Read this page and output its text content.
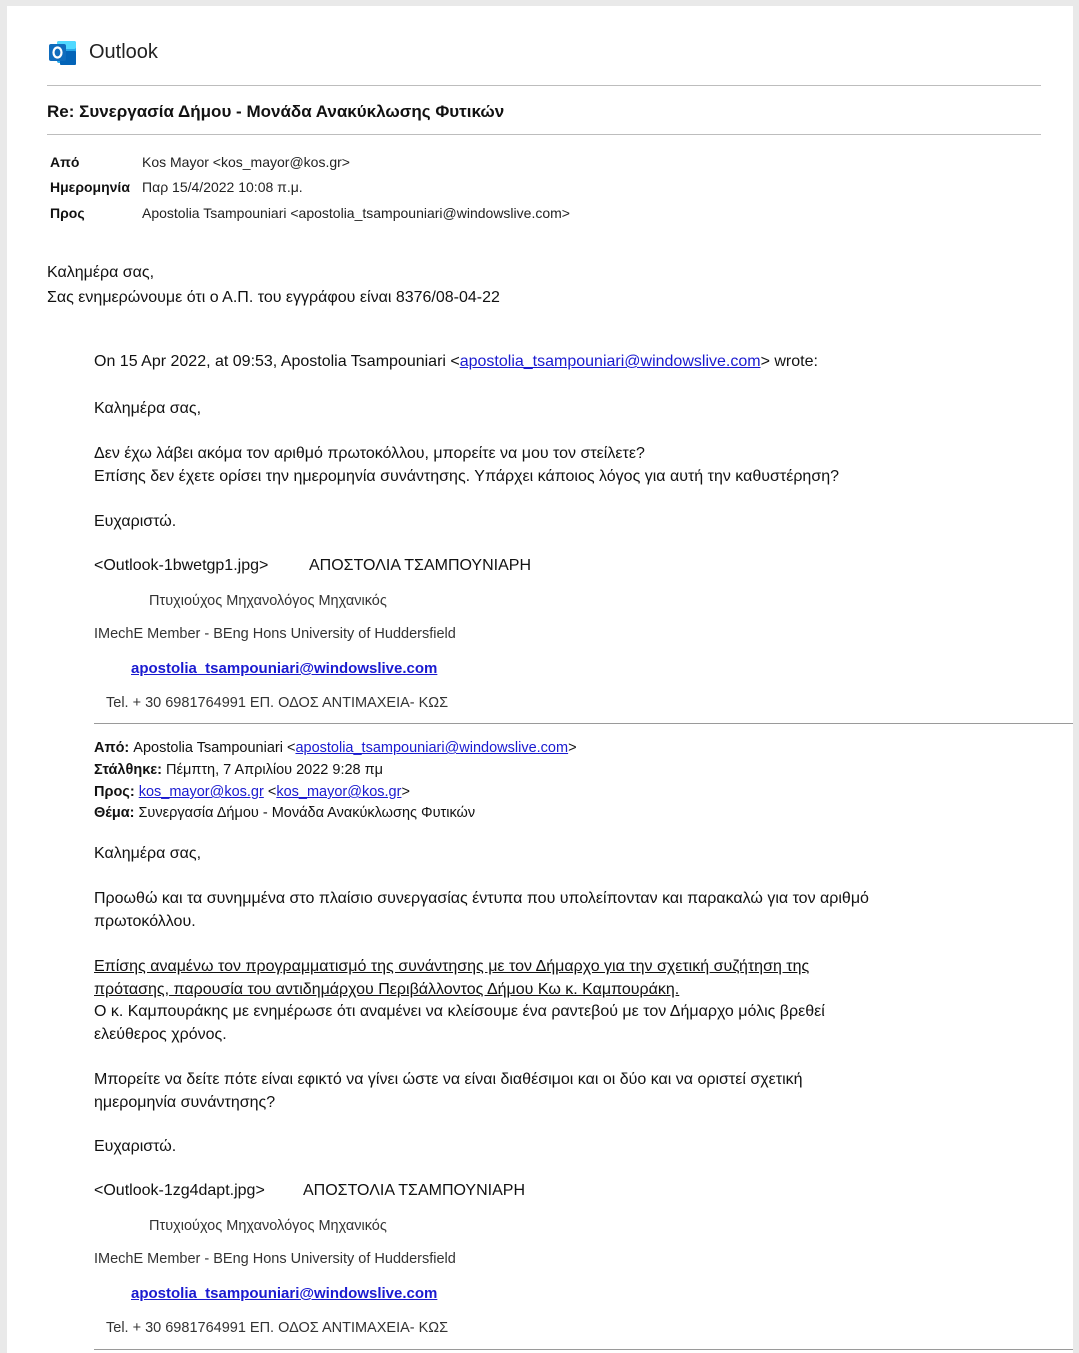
Outlook
Re: Συνεργασία Δήμου - Μονάδα Ανακύκλωσης Φυτικών
Από	Kos Mayor <kos_mayor@kos.gr>
Ημερομηνία Παρ 15/4/2022 10:08 π.μ.
Προς	Apostolia Tsampouniari <apostolia_tsampouniari@windowslive.com>
Καλημέρα σας,
Σας ενημερώνουμε ότι ο Α.Π. του εγγράφου είναι 8376/08-04-22
On 15 Apr 2022, at 09:53, Apostolia Tsampouniari <apostolia_tsampouniari@windowslive.com> wrote:
Καλημέρα σας,
Δεν έχω λάβει ακόμα τον αριθμό πρωτοκόλλου, μπορείτε να μου τον στείλετε?
Επίσης δεν έχετε ορίσει την ημερομηνία συνάντησης. Υπάρχει κάποιος λόγος για αυτή την καθυστέρηση?
Ευχαριστώ.
<Outlook-1bwetgp1.jpg>	ΑΠΟΣΤΟΛΙΑ ΤΣΑΜΠΟΥΝΙΑΡΗ
Πτυχιούχος Μηχανολόγος Μηχανικός
IMechE Member - BEng Hons University of Huddersfield
apostolia_tsampouniari@windowslive.com
Tel. + 30 6981764991 ΕΠ. ΟΔΟΣ ΑΝΤΙΜΑΧΕΙΑ- ΚΩΣ
Από: Apostolia Tsampouniari <apostolia_tsampouniari@windowslive.com>
Στάλθηκε: Πέμπτη, 7 Απριλίου 2022 9:28 πμ
Προς: kos_mayor@kos.gr <kos_mayor@kos.gr>
Θέμα: Συνεργασία Δήμου - Μονάδα Ανακύκλωσης Φυτικών
Καλημέρα σας,
Προωθώ και τα συνημμένα στο πλαίσιο συνεργασίας έντυπα που υπολείπονταν και παρακαλώ για τον αριθμό
πρωτοκόλλου.
Επίσης αναμένω τον προγραμματισμό της συνάντησης με τον Δήμαρχο για την σχετική συζήτηση της
πρότασης, παρουσία του αντιδημάρχου Περιβάλλοντος Δήμου Κω κ. Καμπουράκη.
Ο κ. Καμπουράκης με ενημέρωσε ότι αναμένει να κλείσουμε ένα ραντεβού με τον Δήμαρχο μόλις βρεθεί
ελεύθερος χρόνος.
Μπορείτε να δείτε πότε είναι εφικτό να γίνει ώστε να είναι διαθέσιμοι και οι δύο και να οριστεί σχετική
ημερομηνία συνάντησης?
Ευχαριστώ.
<Outlook-1zg4dapt.jpg> ΑΠΟΣΤΟΛΙΑ ΤΣΑΜΠΟΥΝΙΑΡΗ
Πτυχιούχος Μηχανολόγος Μηχανικός
IMechE Member - BEng Hons University of Huddersfield
apostolia_tsampouniari@windowslive.com
Tel. + 30 6981764991 ΕΠ. ΟΔΟΣ ΑΝΤΙΜΑΧΕΙΑ- ΚΩΣ
